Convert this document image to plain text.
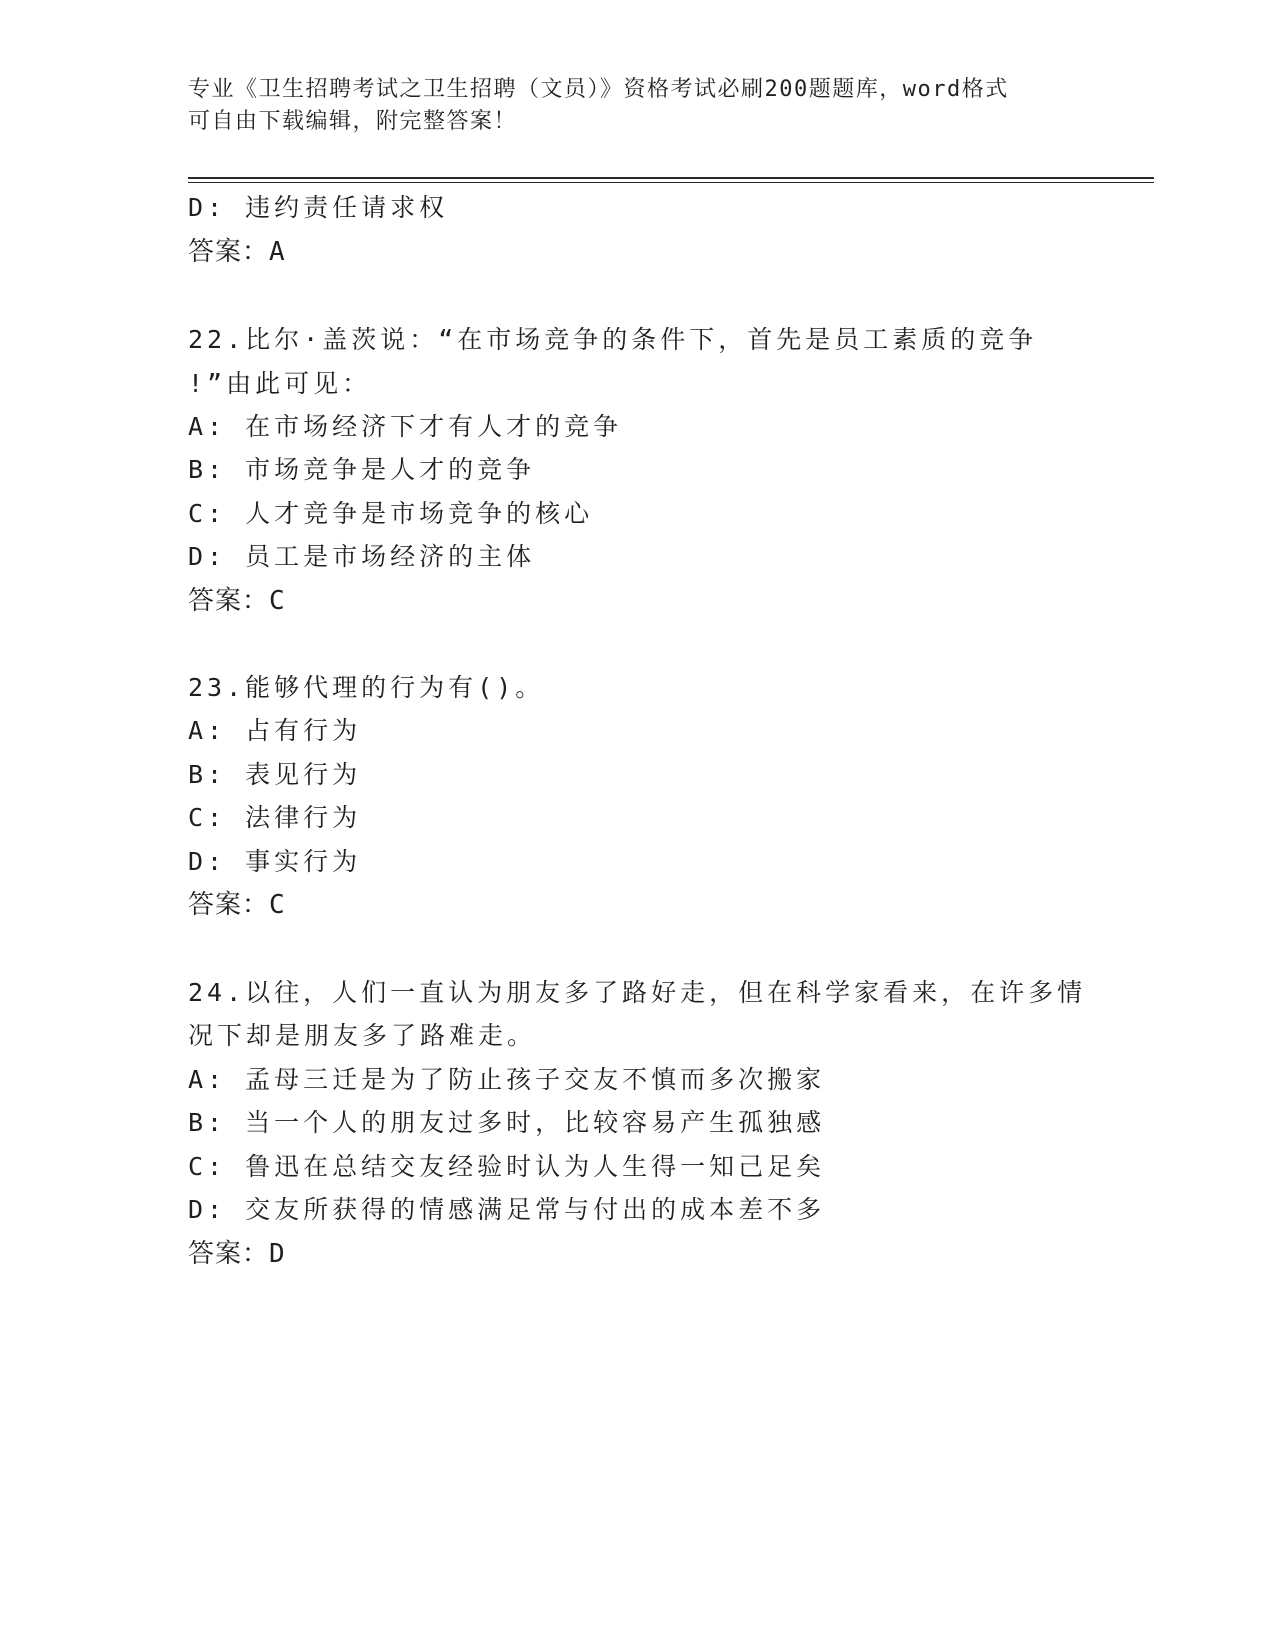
专业《卫生招聘考试之卫生招聘（文员）》资格考试必刷200题题库，word格式
可自由下载编辑，附完整答案！
D: 违约责任请求权
答案：A
22.比尔·盖茨说：“在市场竞争的条件下，首先是员工素质的竞争
!”由此可见：
A: 在市场经济下才有人才的竞争
B: 市场竞争是人才的竞争
C: 人才竞争是市场竞争的核心
D: 员工是市场经济的主体
答案：C
23.能够代理的行为有()。
A: 占有行为
B: 表见行为
C: 法律行为
D: 事实行为
答案：C
24.以往，人们一直认为朋友多了路好走，但在科学家看来，在许多情
况下却是朋友多了路难走。
A: 孟母三迁是为了防止孩子交友不慎而多次搬家
B: 当一个人的朋友过多时，比较容易产生孤独感
C: 鲁迅在总结交友经验时认为人生得一知己足矣
D: 交友所获得的情感满足常与付出的成本差不多
答案：D
